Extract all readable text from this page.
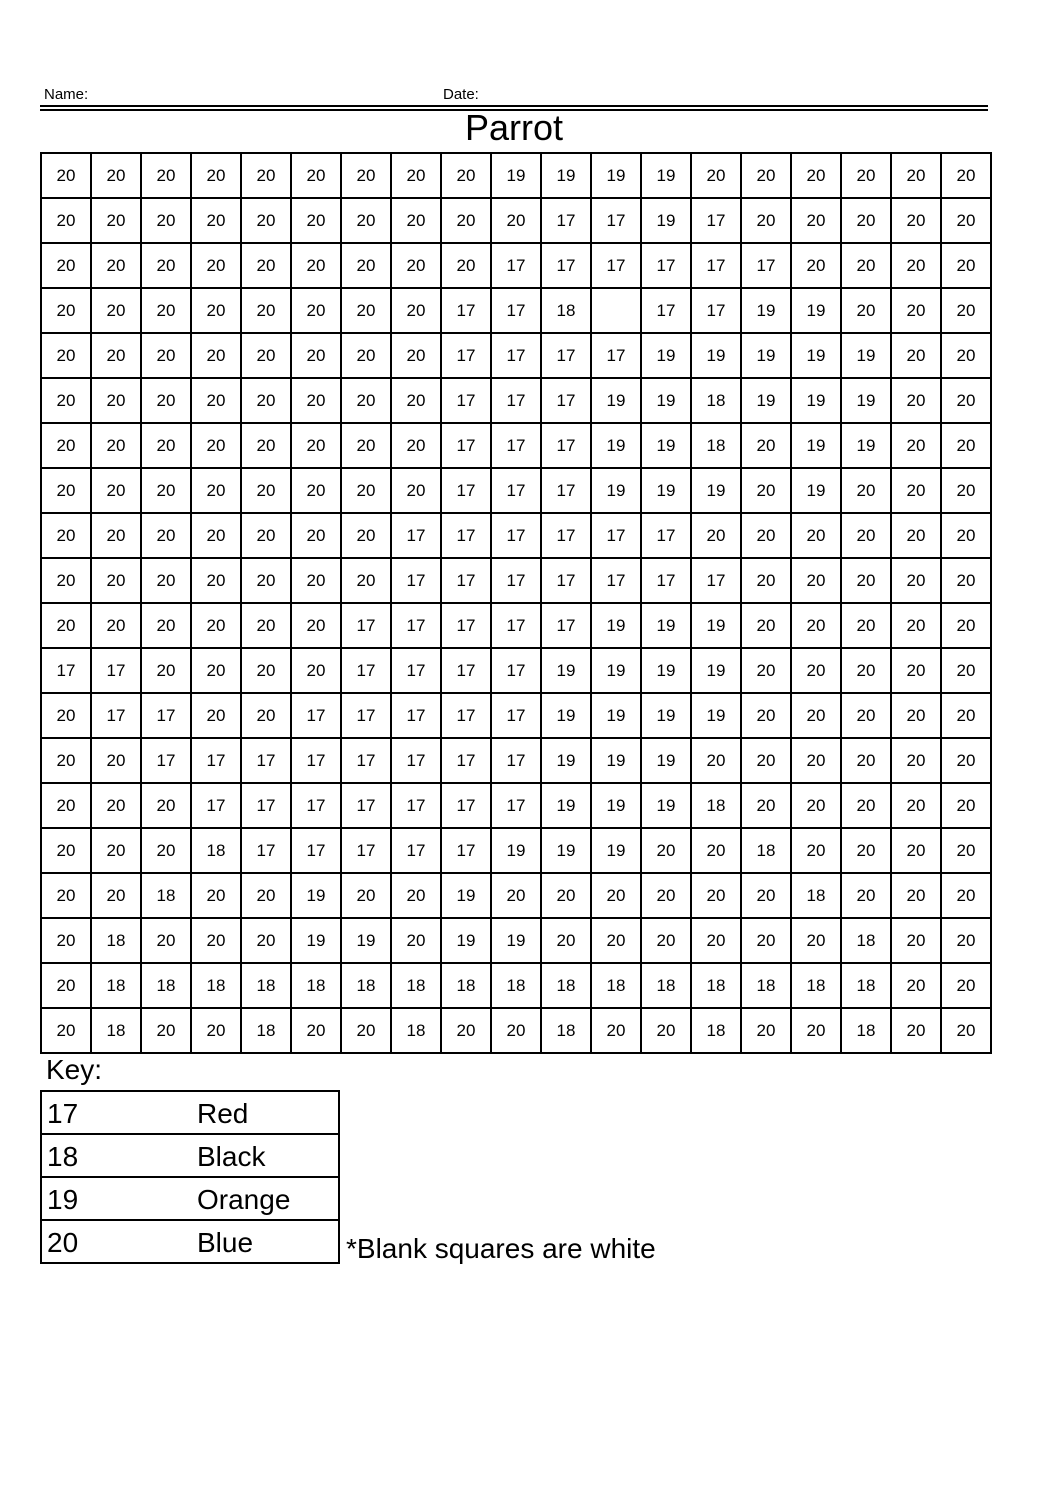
Name:	Date:
Parrot
20	20	20	20	20	20	20	20	20	19	19	19	19	20	20	20	20	20	20
20	20	20	20	20	20	20	20	20	20	17	17	19	17	20	20	20	20	20
20	20	20	20	20	20	20	20	20	17	17	17	17	17	17	20	20	20	20
20	20	20	20	20	20	20	20	17	17	18		17	17	19	19	20	20	20
20	20	20	20	20	20	20	20	17	17	17	17	19	19	19	19	19	20	20
20	20	20	20	20	20	20	20	17	17	17	19	19	18	19	19	19	20	20
20	20	20	20	20	20	20	20	17	17	17	19	19	18	20	19	19	20	20
20	20	20	20	20	20	20	20	17	17	17	19	19	19	20	19	20	20	20
20	20	20	20	20	20	20	17	17	17	17	17	17	20	20	20	20	20	20
20	20	20	20	20	20	20	17	17	17	17	17	17	17	20	20	20	20	20
20	20	20	20	20	20	17	17	17	17	17	19	19	19	20	20	20	20	20
17	17	20	20	20	20	17	17	17	17	19	19	19	19	20	20	20	20	20
20	17	17	20	20	17	17	17	17	17	19	19	19	19	20	20	20	20	20
20	20	17	17	17	17	17	17	17	17	19	19	19	20	20	20	20	20	20
20	20	20	17	17	17	17	17	17	17	19	19	19	18	20	20	20	20	20
20	20	20	18	17	17	17	17	17	19	19	19	20	20	18	20	20	20	20
20	20	18	20	20	19	20	20	19	20	20	20	20	20	20	18	20	20	20
20	18	20	20	20	19	19	20	19	19	20	20	20	20	20	20	18	20	20
20	18	18	18	18	18	18	18	18	18	18	18	18	18	18	18	18	20	20
20	18	20	20	18	20	20	18	20	20	18	20	20	18	20	20	18	20	20
Key:
17	Red

18	Black

19	Orange

20	Blue	*Blank squares are white
